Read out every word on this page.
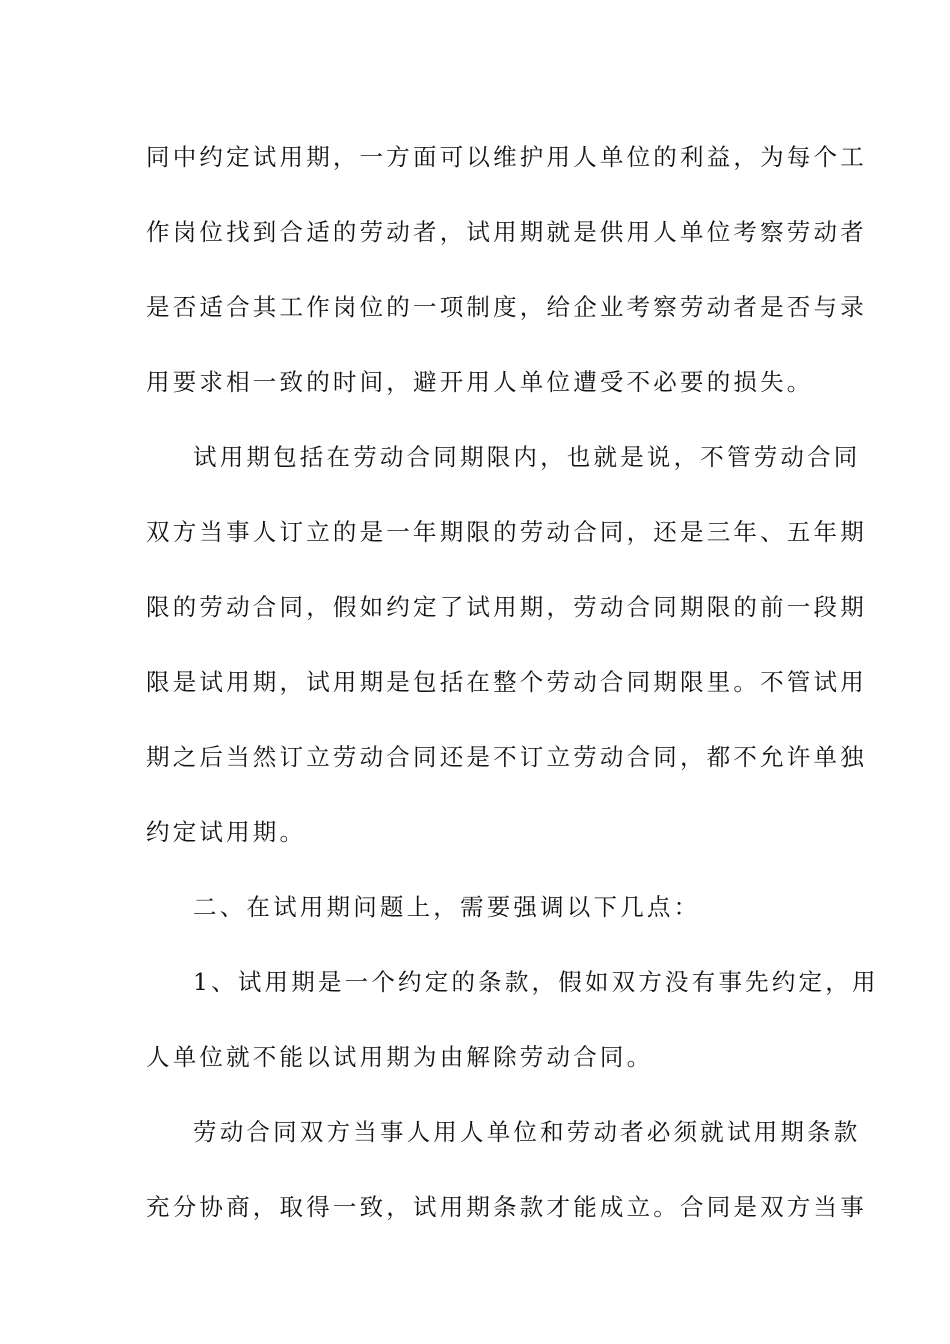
同中约定试用期，一方面可以维护用人单位的利益，为每个工
作岗位找到合适的劳动者，试用期就是供用人单位考察劳动者
是否适合其工作岗位的一项制度，给企业考察劳动者是否与录
用要求相一致的时间，避开用人单位遭受不必要的损失。
试用期包括在劳动合同期限内，也就是说，不管劳动合同
双方当事人订立的是一年期限的劳动合同，还是三年、五年期
限的劳动合同，假如约定了试用期，劳动合同期限的前一段期
限是试用期，试用期是包括在整个劳动合同期限里。不管试用
期之后当然订立劳动合同还是不订立劳动合同，都不允许单独
约定试用期。
二、在试用期问题上，需要强调以下几点：
1、试用期是一个约定的条款，假如双方没有事先约定，用
人单位就不能以试用期为由解除劳动合同。
劳动合同双方当事人用人单位和劳动者必须就试用期条款
充分协商，取得一致，试用期条款才能成立。合同是双方当事
